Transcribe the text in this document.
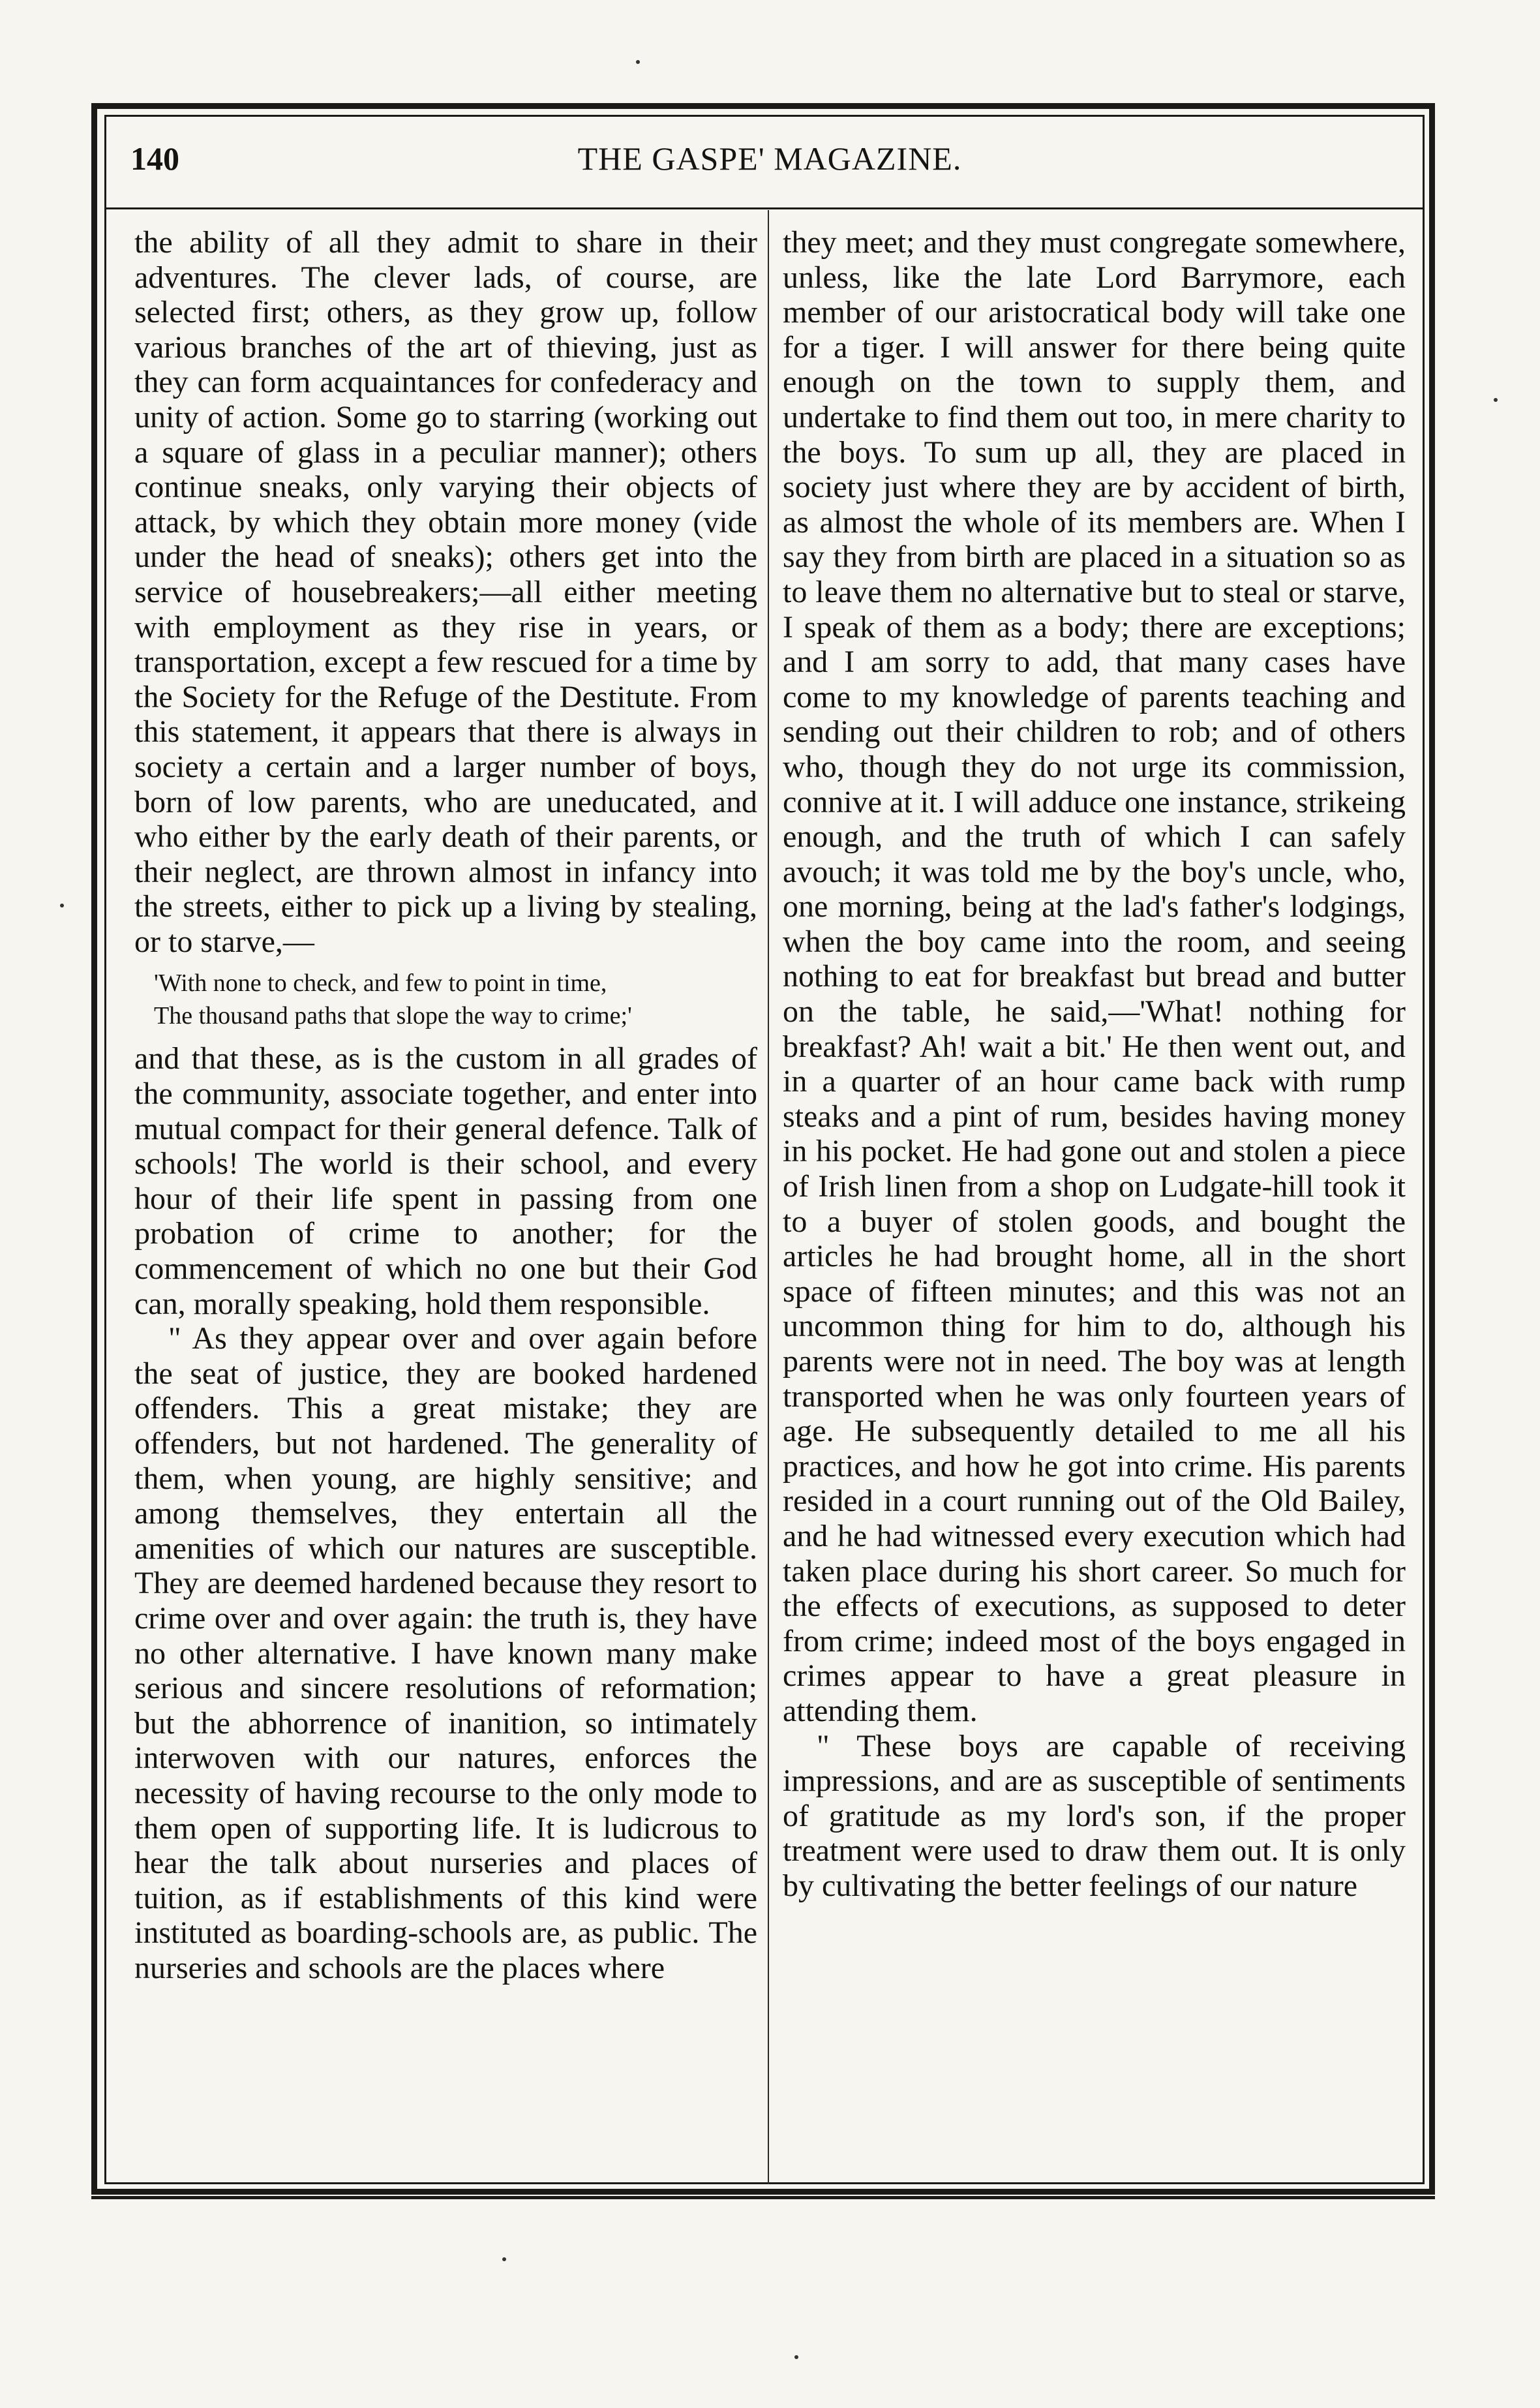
140	THE GASPE' MAGAZINE.

the ability of all they admit to share in their adventures. The clever lads, of course, are selected first; others, as they grow up, follow various branches of the art of thieving, just as they can form acquaintances for confederacy and unity of action. Some go to starring (working out a square of glass in a peculiar manner); others continue sneaks, only varying their objects of attack, by which they obtain more money (vide under the head of sneaks); others get into the service of housebreakers;—all either meeting with employment as they rise in years, or transportation, except a few rescued for a time by the Society for the Refuge of the Destitute. From this statement, it appears that there is always in society a certain and a larger number of boys, born of low parents, who are uneducated, and who either by the early death of their parents, or their neglect, are thrown almost in infancy into the streets, either to pick up a living by stealing, or to starve,—

'With none to check, and few to point in time,
The thousand paths that slope the way to crime;'

and that these, as is the custom in all grades of the community, associate together, and enter into mutual compact for their general defence. Talk of schools! The world is their school, and every hour of their life spent in passing from one probation of crime to another; for the commencement of which no one but their God can, morally speaking, hold them responsible.

" As they appear over and over again before the seat of justice, they are booked hardened offenders. This a great mistake; they are offenders, but not hardened. The generality of them, when young, are highly sensitive; and among themselves, they entertain all the amenities of which our natures are susceptible. They are deemed hardened because they resort to crime over and over again: the truth is, they have no other alternative. I have known many make serious and sincere resolutions of reformation; but the abhorrence of inanition, so intimately interwoven with our natures, enforces the necessity of having recourse to the only mode to them open of supporting life. It is ludicrous to hear the talk about nurseries and places of tuition, as if establishments of this kind were instituted as boarding-schools are, as public. The nurseries and schools are the places where

they meet; and they must congregate somewhere, unless, like the late Lord Barrymore, each member of our aristocratical body will take one for a tiger. I will answer for there being quite enough on the town to supply them, and undertake to find them out too, in mere charity to the boys. To sum up all, they are placed in society just where they are by accident of birth, as almost the whole of its members are. When I say they from birth are placed in a situation so as to leave them no alternative but to steal or starve, I speak of them as a body; there are exceptions; and I am sorry to add, that many cases have come to my knowledge of parents teaching and sending out their children to rob; and of others who, though they do not urge its commission, connive at it. I will adduce one instance, strikeing enough, and the truth of which I can safely avouch; it was told me by the boy's uncle, who, one morning, being at the lad's father's lodgings, when the boy came into the room, and seeing nothing to eat for breakfast but bread and butter on the table, he said,—'What! nothing for breakfast? Ah! wait a bit.' He then went out, and in a quarter of an hour came back with rump steaks and a pint of rum, besides having money in his pocket. He had gone out and stolen a piece of Irish linen from a shop on Ludgate-hill took it to a buyer of stolen goods, and bought the articles he had brought home, all in the short space of fifteen minutes; and this was not an uncommon thing for him to do, although his parents were not in need. The boy was at length transported when he was only fourteen years of age. He subsequently detailed to me all his practices, and how he got into crime. His parents resided in a court running out of the Old Bailey, and he had witnessed every execution which had taken place during his short career. So much for the effects of executions, as supposed to deter from crime; indeed most of the boys engaged in crimes appear to have a great pleasure in attending them.

" These boys are capable of receiving impressions, and are as susceptible of sentiments of gratitude as my lord's son, if the proper treatment were used to draw them out. It is only by cultivating the better feelings of our nature
